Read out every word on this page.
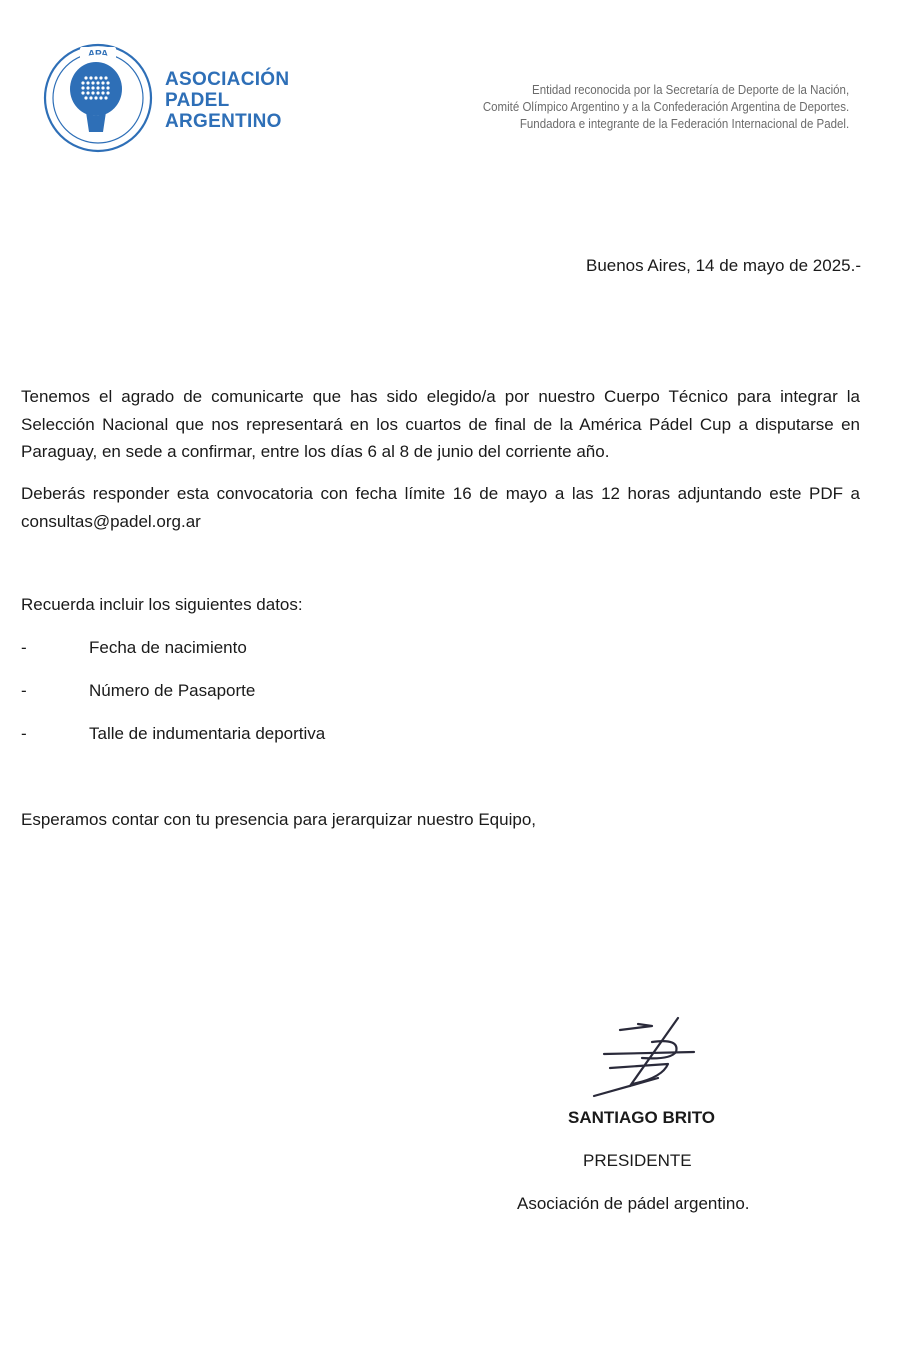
APA
ASOCIACIÓN
PADEL
ARGENTINO
Entidad reconocida por la Secretaría de Deporte de la Nación,
Comité Olímpico Argentino y a la Confederación Argentina de Deportes.
Fundadora e integrante de la Federación Internacional de Padel.
Buenos Aires, 14 de mayo de 2025.-

Tenemos el agrado de comunicarte que has sido elegido/a por nuestro Cuerpo Técnico para integrar la Selección Nacional que nos representará en los cuartos de final de la América Pádel Cup a disputarse en Paraguay, en sede a confirmar, entre los días 6 al 8 de junio del corriente año.

Deberás responder esta convocatoria con fecha límite 16 de mayo a las 12 horas adjuntando este PDF a consultas@padel.org.ar

Recuerda incluir los siguientes datos:
-	Fecha de nacimiento
-	Número de Pasaporte
-	Talle de indumentaria deportiva
Esperamos contar con tu presencia para jerarquizar nuestro Equipo,
SANTIAGO BRITO
PRESIDENTE
Asociación de pádel argentino.
